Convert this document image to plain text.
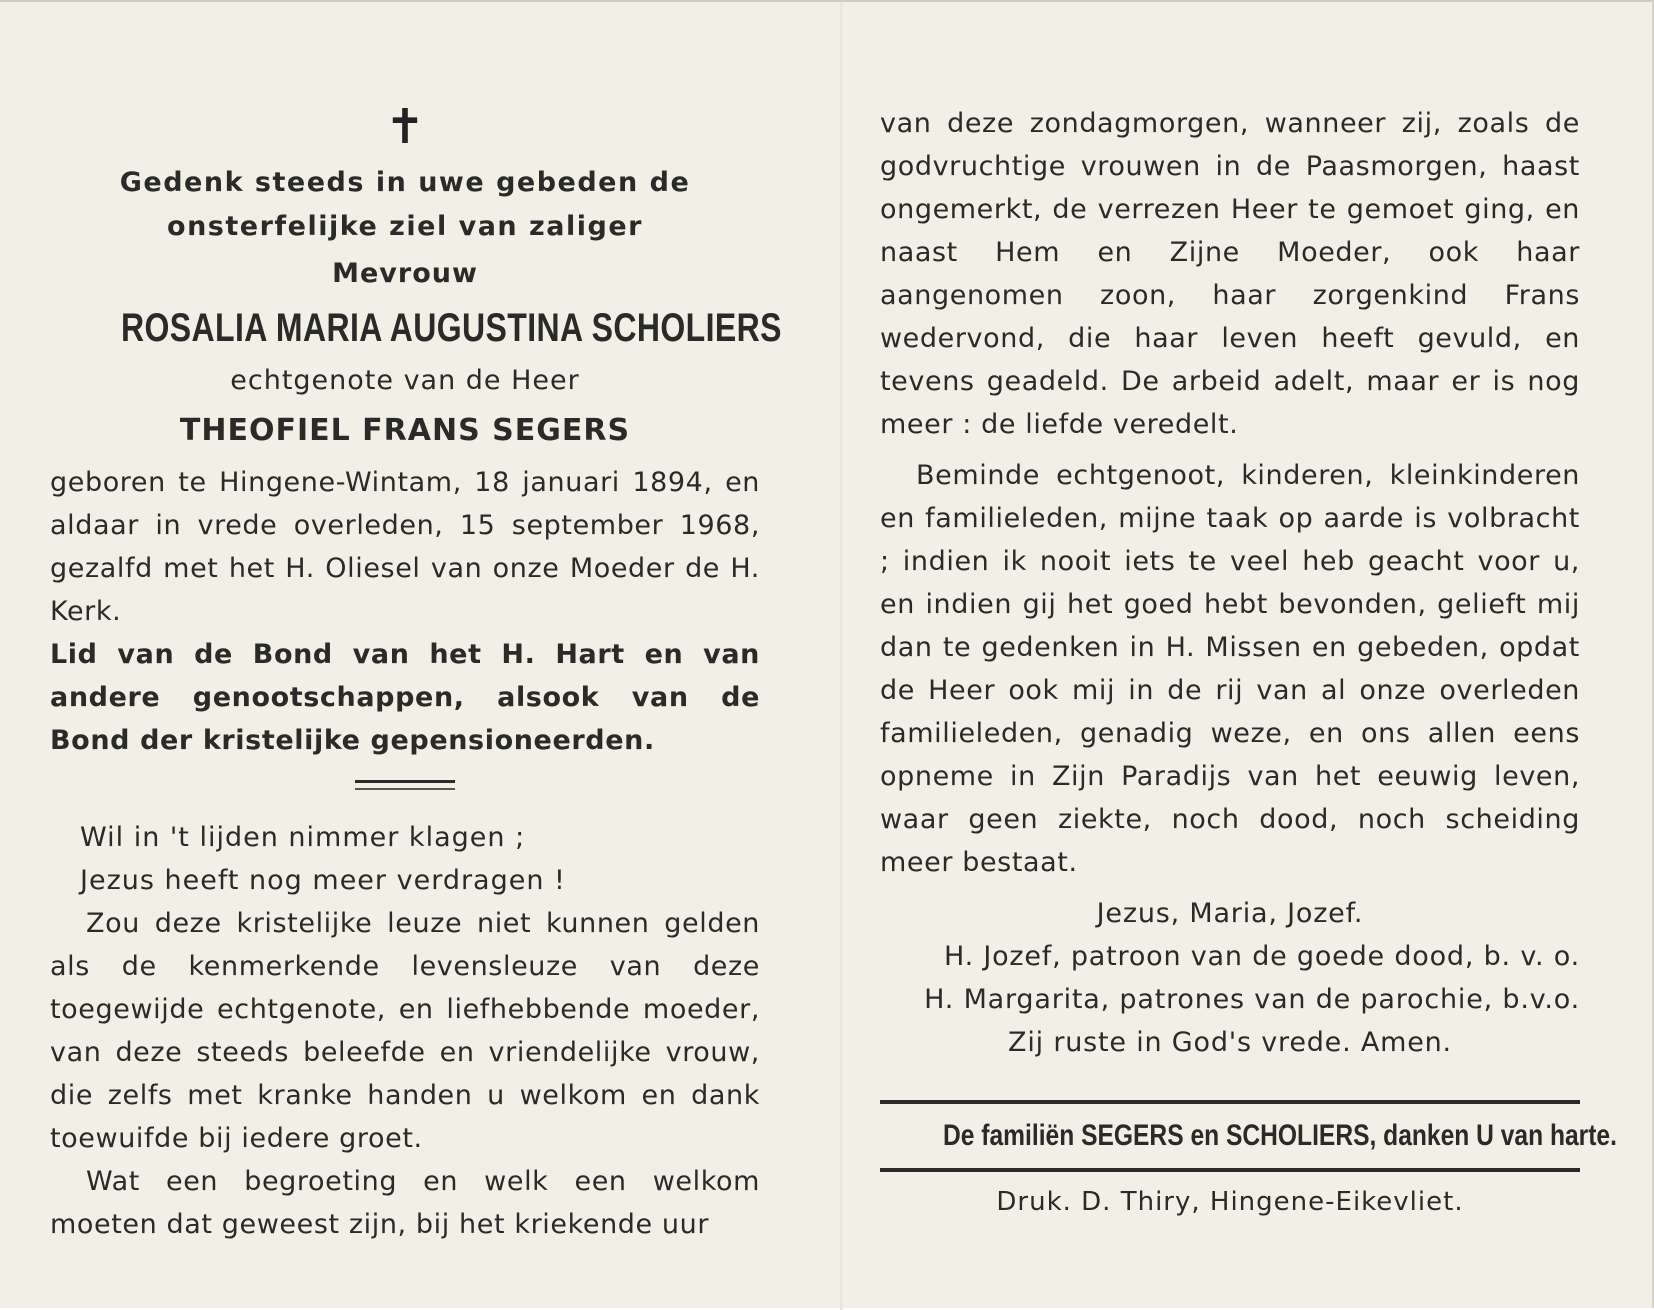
✝

Gedenk steeds in uwe gebeden de

onsterfelijke ziel van zaliger

Mevrouw

ROSALIA MARIA AUGUSTINA SCHOLIERS

echtgenote van de Heer

THEOFIEL FRANS SEGERS

geboren te Hingene-Wintam, 18 januari 1894, en aldaar in vrede overleden, 15 september 1968, gezalfd met het H. Oliesel van onze Moeder de H. Kerk.

Lid van de Bond van het H. Hart en van andere genootschappen, alsook van de Bond der kristelijke gepensioneerden.

Wil in 't lijden nimmer klagen ;

Jezus heeft nog meer verdragen !

Zou deze kristelijke leuze niet kunnen gelden als de kenmerkende levensleuze van deze toegewijde echtgenote, en liefhebbende moeder, van deze steeds beleefde en vriendelijke vrouw, die zelfs met kranke handen u welkom en dank toewuifde bij iedere groet.

Wat een begroeting en welk een welkom moeten dat geweest zijn, bij het kriekende uur

van deze zondagmorgen, wanneer zij, zoals de godvruchtige vrouwen in de Paasmorgen, haast ongemerkt, de verrezen Heer te gemoet ging, en naast Hem en Zijne Moeder, ook haar aangenomen zoon, haar zorgenkind Frans wedervond, die haar leven heeft gevuld, en tevens geadeld. De arbeid adelt, maar er is nog meer : de liefde veredelt.

Beminde echtgenoot, kinderen, kleinkinderen en familieleden, mijne taak op aarde is volbracht ; indien ik nooit iets te veel heb geacht voor u, en indien gij het goed hebt bevonden, gelieft mij dan te gedenken in H. Missen en gebeden, opdat de Heer ook mij in de rij van al onze overleden familieleden, genadig weze, en ons allen eens opneme in Zijn Paradijs van het eeuwig leven, waar geen ziekte, noch dood, noch scheiding meer bestaat.

Jezus, Maria, Jozef.

H. Jozef, patroon van de goede dood, b. v. o.

H. Margarita, patrones van de parochie, b.v.o.

Zij ruste in God's vrede. Amen.

De familiën SEGERS en SCHOLIERS, danken U van harte.

Druk. D. Thiry, Hingene-Eikevliet.
